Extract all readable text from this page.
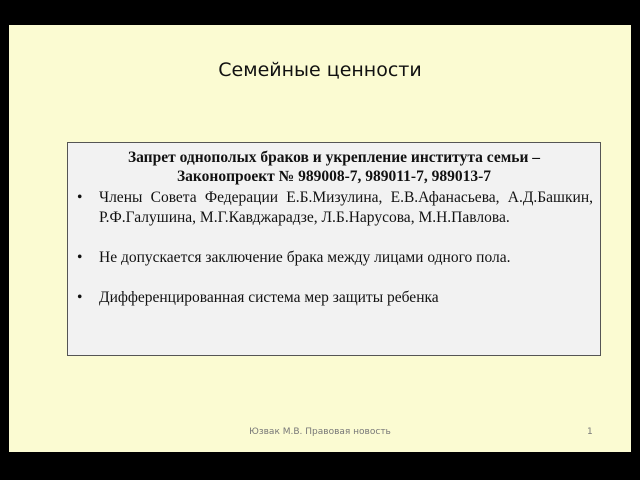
Семейные ценности
Запрет однополых браков и укрепление института семьи –
Законопроект № 989008-7, 989011-7, 989013-7
•	Члены Совета Федерации Е.Б.Мизулина, Е.В.Афанасьева, А.Д.Башкин, Р.Ф.Галушина, М.Г.Кавджарадзе, Л.Б.Нарусова, М.Н.Павлова.
•	Не допускается заключение брака между лицами одного пола.
•	Дифференцированная система мер защиты ребенка
Юзвак М.В. Правовая новость	1
